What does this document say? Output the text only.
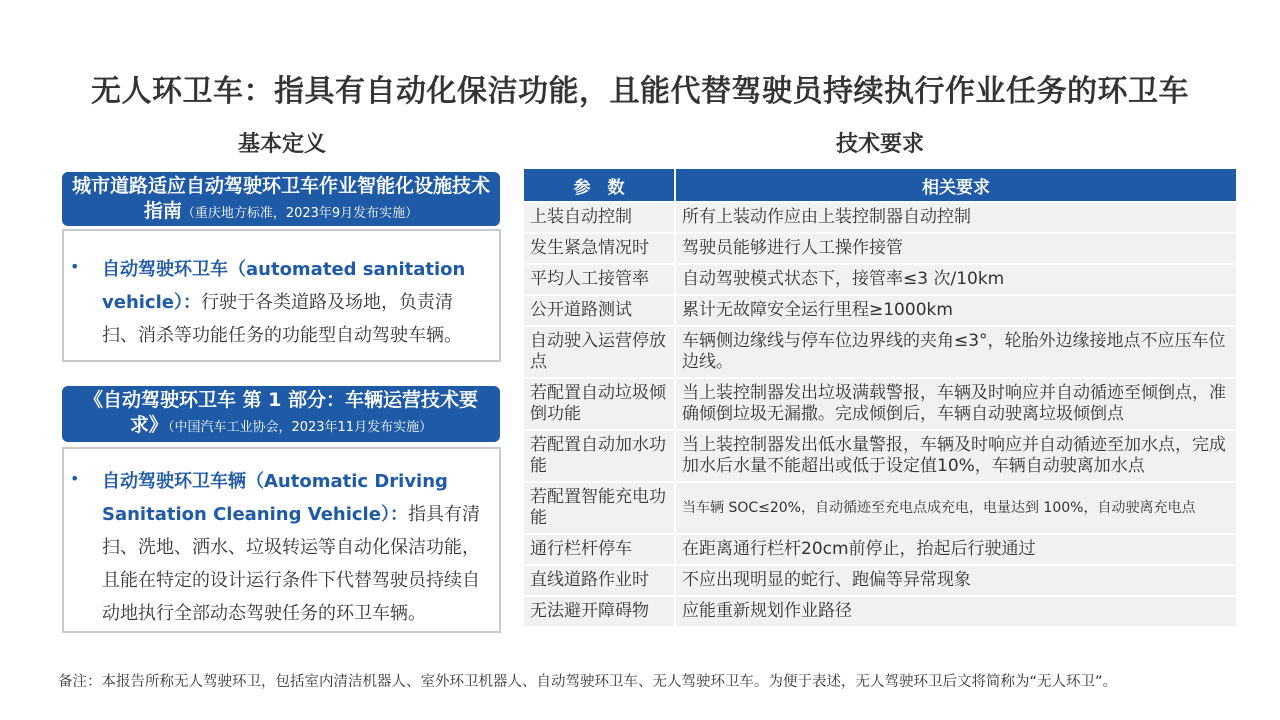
无人环卫车：指具有自动化保洁功能，且能代替驾驶员持续执行作业任务的环卫车
基本定义	技术要求
城市道路适应自动驾驶环卫车作业智能化设施技术指南（重庆地方标准，2023年9月发布实施）
• 自动驾驶环卫车（automated sanitation vehicle）：行驶于各类道路及场地，负责清扫、消杀等功能任务的功能型自动驾驶车辆。
《自动驾驶环卫车 第 1 部分：车辆运营技术要求》（中国汽车工业协会，2023年11月发布实施）
• 自动驾驶环卫车辆（Automatic Driving Sanitation Cleaning Vehicle）：指具有清扫、洗地、洒水、垃圾转运等自动化保洁功能，且能在特定的设计运行条件下代替驾驶员持续自动地执行全部动态驾驶任务的环卫车辆。
参　数	相关要求
上装自动控制	所有上装动作应由上装控制器自动控制
发生紧急情况时	驾驶员能够进行人工操作接管
平均人工接管率	自动驾驶模式状态下，接管率≤3 次/10km
公开道路测试	累计无故障安全运行里程≥1000km
自动驶入运营停放点	车辆侧边缘线与停车位边界线的夹角≤3°，轮胎外边缘接地点不应压车位边线。
若配置自动垃圾倾倒功能	当上装控制器发出垃圾满载警报，车辆及时响应并自动循迹至倾倒点，准确倾倒垃圾无漏撒。完成倾倒后，车辆自动驶离垃圾倾倒点
若配置自动加水功能	当上装控制器发出低水量警报，车辆及时响应并自动循迹至加水点，完成加水后水量不能超出或低于设定值10%，车辆自动驶离加水点
若配置智能充电功能	当车辆 SOC≤20%，自动循迹至充电点成充电，电量达到 100%，自动驶离充电点
通行栏杆停车	在距离通行栏杆20cm前停止，抬起后行驶通过
直线道路作业时	不应出现明显的蛇行、跑偏等异常现象
无法避开障碍物	应能重新规划作业路径
备注：本报告所称无人驾驶环卫，包括室内清洁机器人、室外环卫机器人、自动驾驶环卫车、无人驾驶环卫车。为便于表述，无人驾驶环卫后文将简称为“无人环卫”。
